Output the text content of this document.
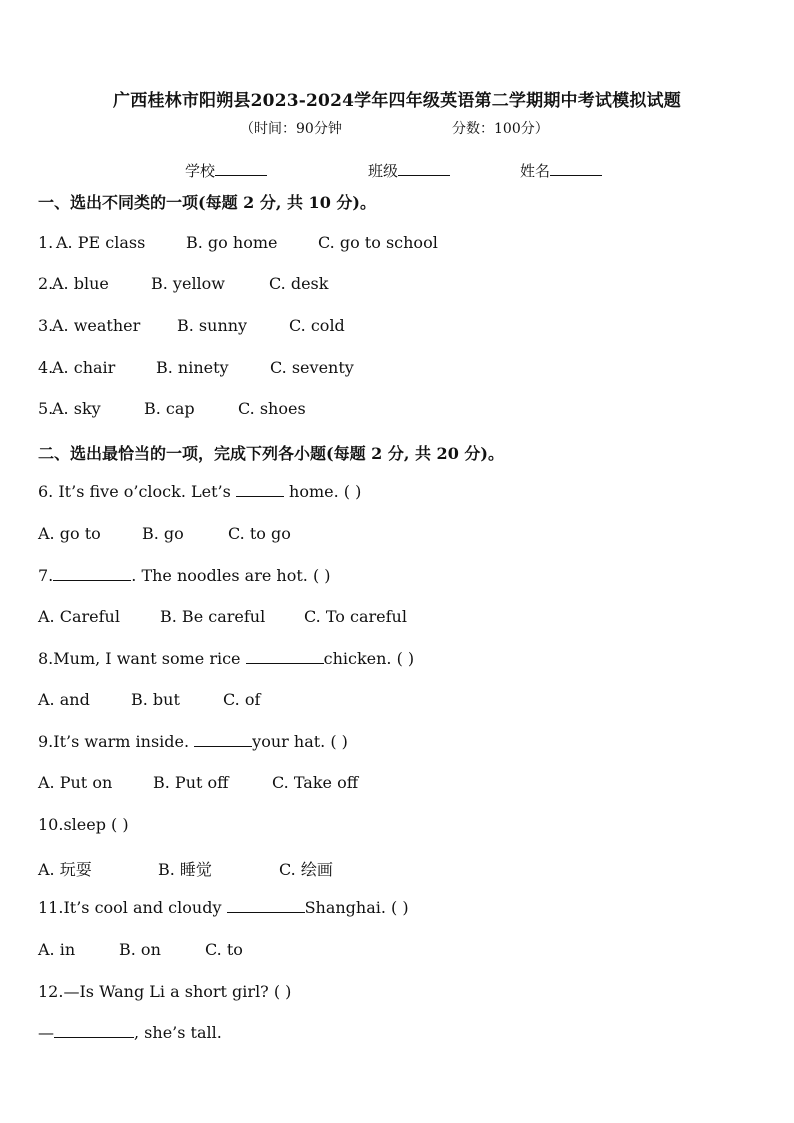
广西桂林市阳朔县2023-2024学年四年级英语第二学期期中考试模拟试题
（时间：90分钟	分数：100分）
学校	班级	姓名
一、选出不同类的一项(每题 2 分, 共 10 分)。
1. A. PE class	B. go home	C. go to school
2.
A. blue	B. yellow	C. desk
3.
A. weather B. sunny	C. cold
4.
A. chair	B. ninety	C. seventy
5.
A. sky	B. cap	C. shoes
二、选出最恰当的一项，完成下列各小题(每题 2 分, 共 20 分)。
6. It’s five o’clock. Let’s	home. ( )
A. go to	B. go	C. to go
7.	. The noodles are hot. ( )
A. Careful	B. Be careful C. To careful
8.Mum, I want some rice	chicken. ( )
A. and	B. but	C. of
9.It’s warm inside.	your hat. ( )
A. Put on	B. Put off	C. Take off
10.sleep ( )
A. 玩耍	B. 睡觉	C. 绘画
11.It’s cool and cloudy	Shanghai. ( )
A. in	B. on	C. to
12.—Is Wang Li a short girl? ( )
—	, she’s tall.
